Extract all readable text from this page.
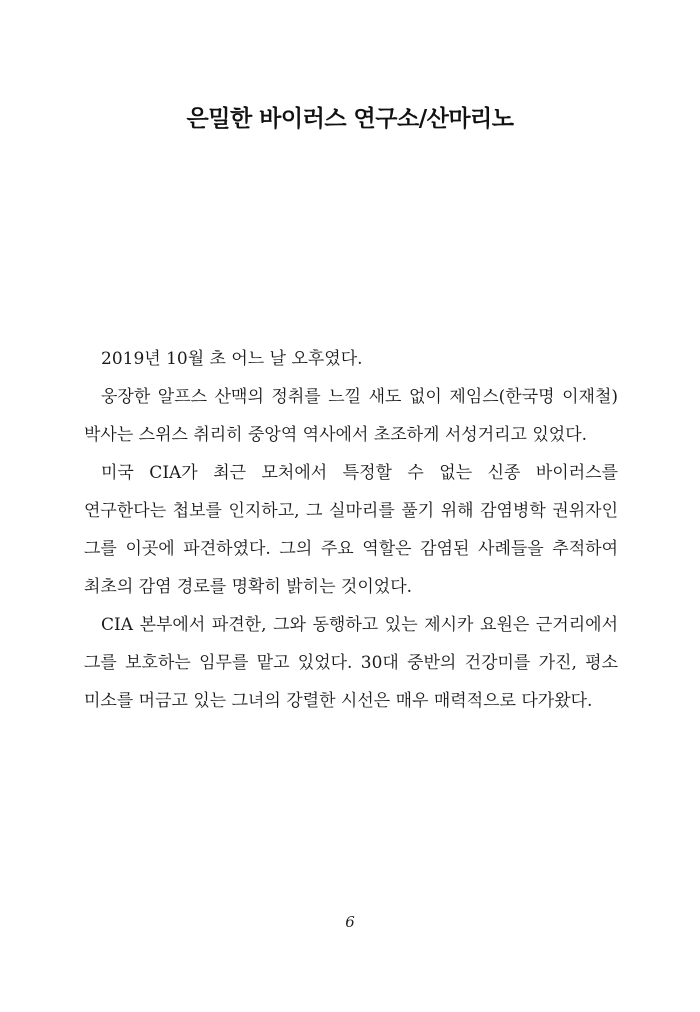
은밀한 바이러스 연구소/산마리노

2019년 10월 초 어느 날 오후였다.

웅장한 알프스 산맥의 정취를 느낄 새도 없이 제임스(한국명 이재철) 박사는 스위스 취리히 중앙역 역사에서 초조하게 서성거리고 있었다.

미국 CIA가 최근 모처에서 특정할 수 없는 신종 바이러스를 연구한다는 첩보를 인지하고, 그 실마리를 풀기 위해 감염병학 권위자인 그를 이곳에 파견하였다. 그의 주요 역할은 감염된 사례들을 추적하여 최초의 감염 경로를 명확히 밝히는 것이었다.

CIA 본부에서 파견한, 그와 동행하고 있는 제시카 요원은 근거리에서 그를 보호하는 임무를 맡고 있었다. 30대 중반의 건강미를 가진, 평소 미소를 머금고 있는 그녀의 강렬한 시선은 매우 매력적으로 다가왔다.

6
